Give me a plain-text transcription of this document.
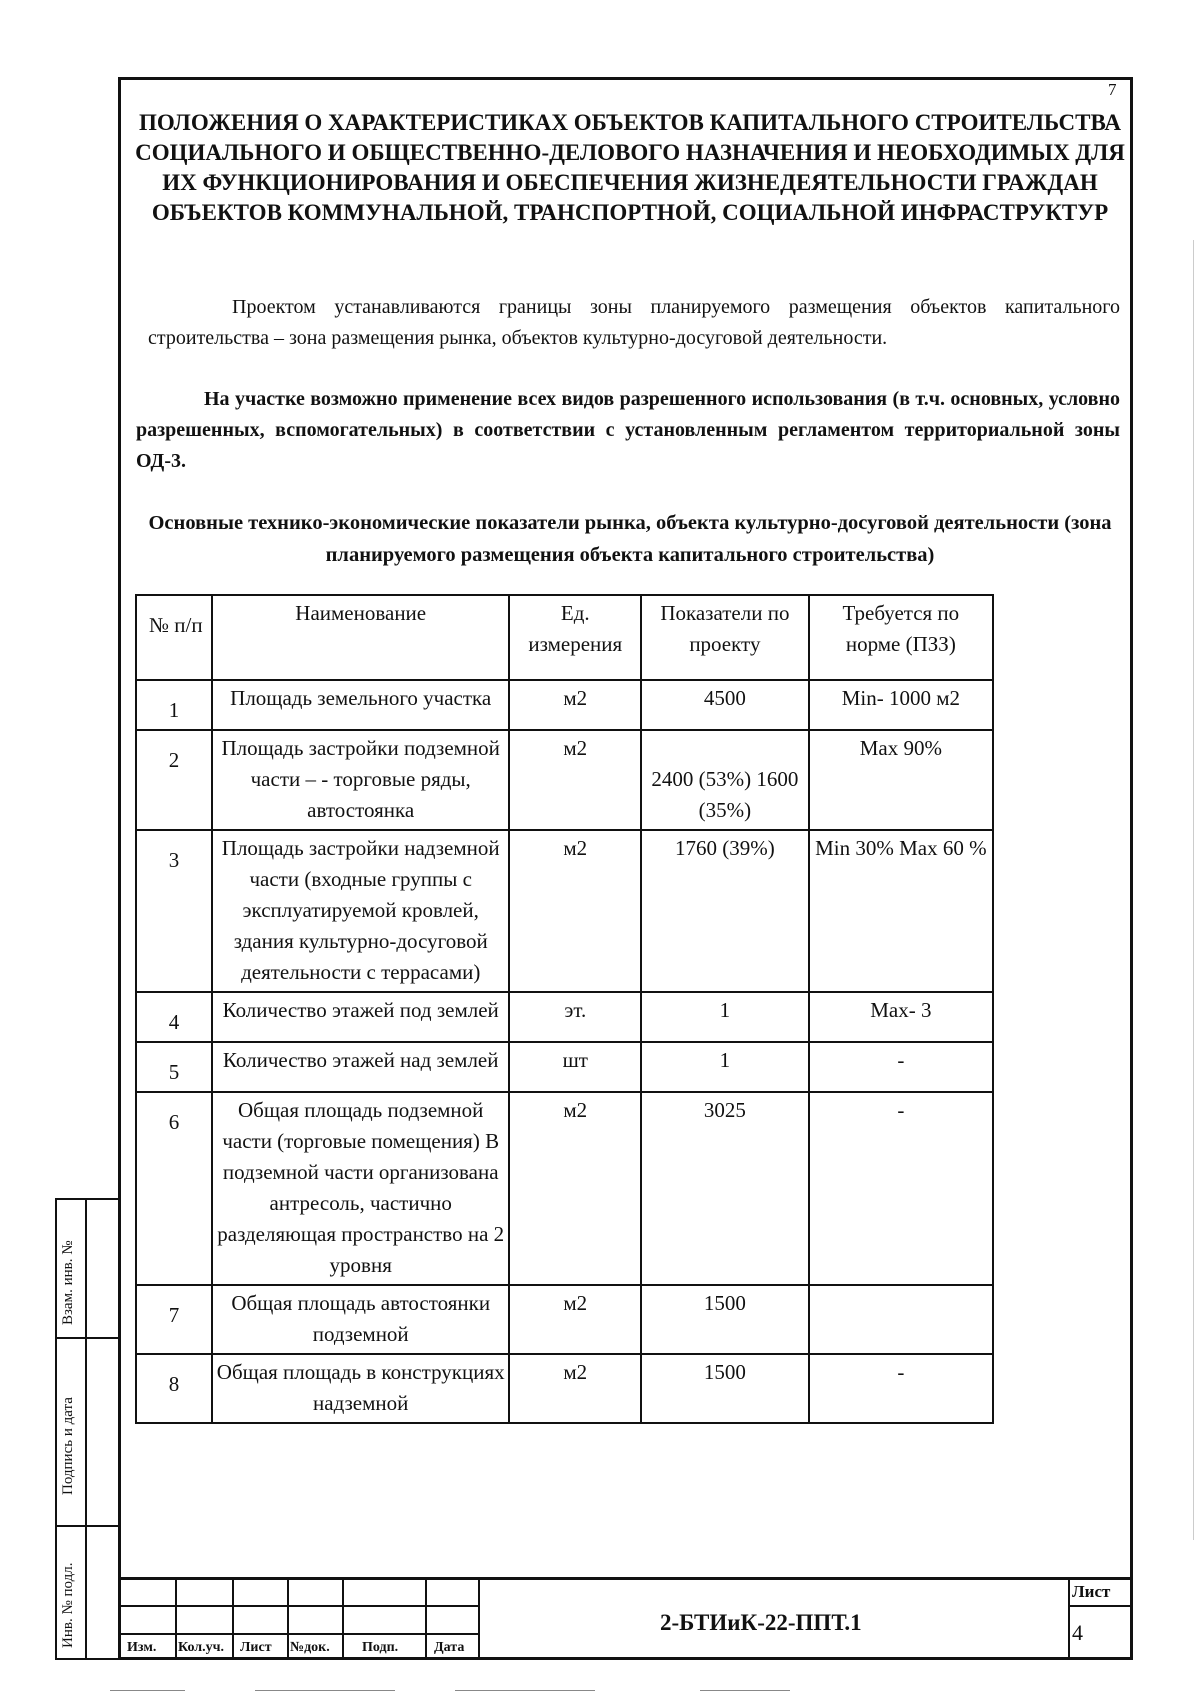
7
ПОЛОЖЕНИЯ О ХАРАКТЕРИСТИКАХ ОБЪЕКТОВ КАПИТАЛЬНОГО СТРОИТЕЛЬСТВА СОЦИАЛЬНОГО И ОБЩЕСТВЕННО-ДЕЛОВОГО НАЗНАЧЕНИЯ И НЕОБХОДИМЫХ ДЛЯ ИХ ФУНКЦИОНИРОВАНИЯ И ОБЕСПЕЧЕНИЯ ЖИЗНЕДЕЯТЕЛЬНОСТИ ГРАЖДАН ОБЪЕКТОВ КОММУНАЛЬНОЙ, ТРАНСПОРТНОЙ, СОЦИАЛЬНОЙ ИНФРАСТРУКТУР
Проектом устанавливаются границы зоны планируемого размещения объектов капитального строительства – зона размещения рынка, объектов культурно-досуговой деятельности.
На участке возможно применение всех видов разрешенного использования (в т.ч. основных, условно разрешенных, вспомогательных) в соответствии с установленным регламентом территориальной зоны ОД-3.
Основные технико-экономические показатели рынка, объекта культурно-досуговой деятельности (зона планируемого размещения объекта капитального строительства)
№ п/п	Наименование	Ед. измерения	Показатели по проекту	Требуется по норме (ПЗЗ)
1	Площадь земельного участка	м2	4500	Min- 1000 м2
2	Площадь застройки подземной части – - торговые ряды, автостоянка	м2	2400 (53%) 1600 (35%)	Max 90%
3	Площадь застройки надземной части (входные группы с эксплуатируемой кровлей, здания культурно-досуговой деятельности с террасами)	м2	1760 (39%)	Min 30% Max 60 %
4	Количество этажей под землей	эт.	1	Max- 3
5	Количество этажей над землей	шт	1	-
6	Общая площадь подземной части (торговые помещения) В подземной части организована антресоль, частично разделяющая пространство на 2 уровня	м2	3025	-
7	Общая площадь автостоянки подземной	м2	1500	
8	Общая площадь в конструкциях надземной	м2	1500	-
Взам. инв. №
Подпись и дата
Инв. № подл.	Изм. Кол.уч. Лист №док. Подп.	Дата
2-БТИиК-22-ППТ.1
Лист
4
